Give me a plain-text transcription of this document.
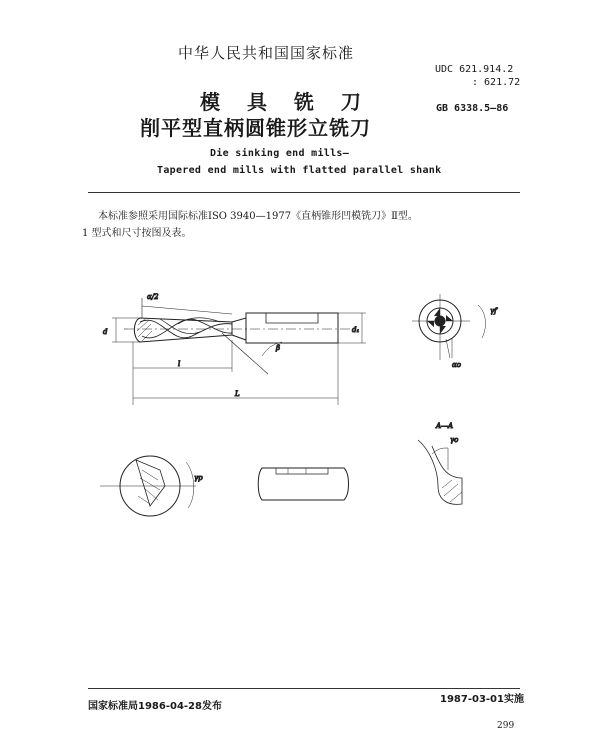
中华人民共和国国家标准
模 具 铣 刀
削平型直柄圆锥形立铣刀
Die sinking end mills—
Tapered end mills with flatted parallel shank
UDC 621.914.2
: 621.72
GB 6338.5—86
本标准参照采用国际标准ISO 3940—1977《直柄锥形凹模铣刀》Ⅱ型。
1 型式和尺寸按图及表。
α/2
d	d₁
l
L
β
γf
αo
γp
γo
A—A
国家标准局1986-04-28发布
1987-03-01实施
299
